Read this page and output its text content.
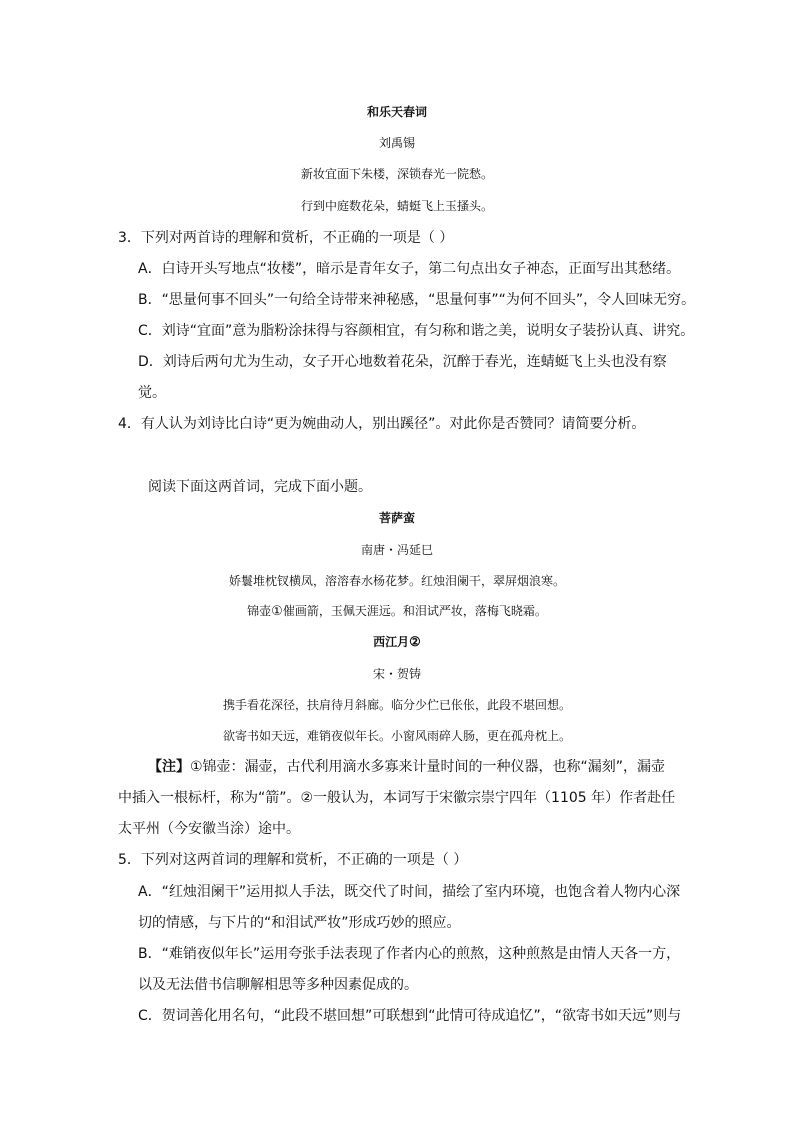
和乐天春词
刘禹锡
新妆宜面下朱楼，深锁春光一院愁。
行到中庭数花朵，蜻蜓飞上玉搔头。
3．下列对两首诗的理解和赏析，不正确的一项是（ ）
A．白诗开头写地点“妆楼”，暗示是青年女子，第二句点出女子神态，正面写出其愁绪。
B．“思量何事不回头”一句给全诗带来神秘感，“思量何事”“为何不回头”，令人回味无穷。
C．刘诗“宜面”意为脂粉涂抹得与容颜相宜，有匀称和谐之美，说明女子装扮认真、讲究。
D．刘诗后两句尤为生动，女子开心地数着花朵，沉醉于春光，连蜻蜓飞上头也没有察
觉。
4．有人认为刘诗比白诗“更为婉曲动人，别出蹊径”。对此你是否赞同？请简要分析。
阅读下面这两首词，完成下面小题。
菩萨蛮
南唐・冯延巳
娇鬟堆枕钗横凤，溶溶春水杨花梦。红烛泪阑干，翠屏烟浪寒。
锦壶①催画箭，玉佩天涯远。和泪试严妆，落梅飞晓霜。
西江月②
宋・贺铸
携手看花深径，扶肩待月斜廊。临分少伫已伥伥，此段不堪回想。
欲寄书如天远，难销夜似年长。小窗风雨碎人肠，更在孤舟枕上。
【注】①锦壶：漏壶，古代利用滴水多寡来计量时间的一种仪器，也称“漏刻”，漏壶
中插入一根标杆，称为“箭”。②一般认为，本词写于宋徽宗崇宁四年（1105 年）作者赴任
太平州（今安徽当涂）途中。
5．下列对这两首词的理解和赏析，不正确的一项是（ ）
A．“红烛泪阑干”运用拟人手法，既交代了时间，描绘了室内环境，也饱含着人物内心深
切的情感，与下片的“和泪试严妆”形成巧妙的照应。
B．“难销夜似年长”运用夸张手法表现了作者内心的煎熬，这种煎熬是由情人天各一方，
以及无法借书信聊解相思等多种因素促成的。
C．贺词善化用名句，“此段不堪回想”可联想到“此情可待成追忆”，“欲寄书如天远”则与
